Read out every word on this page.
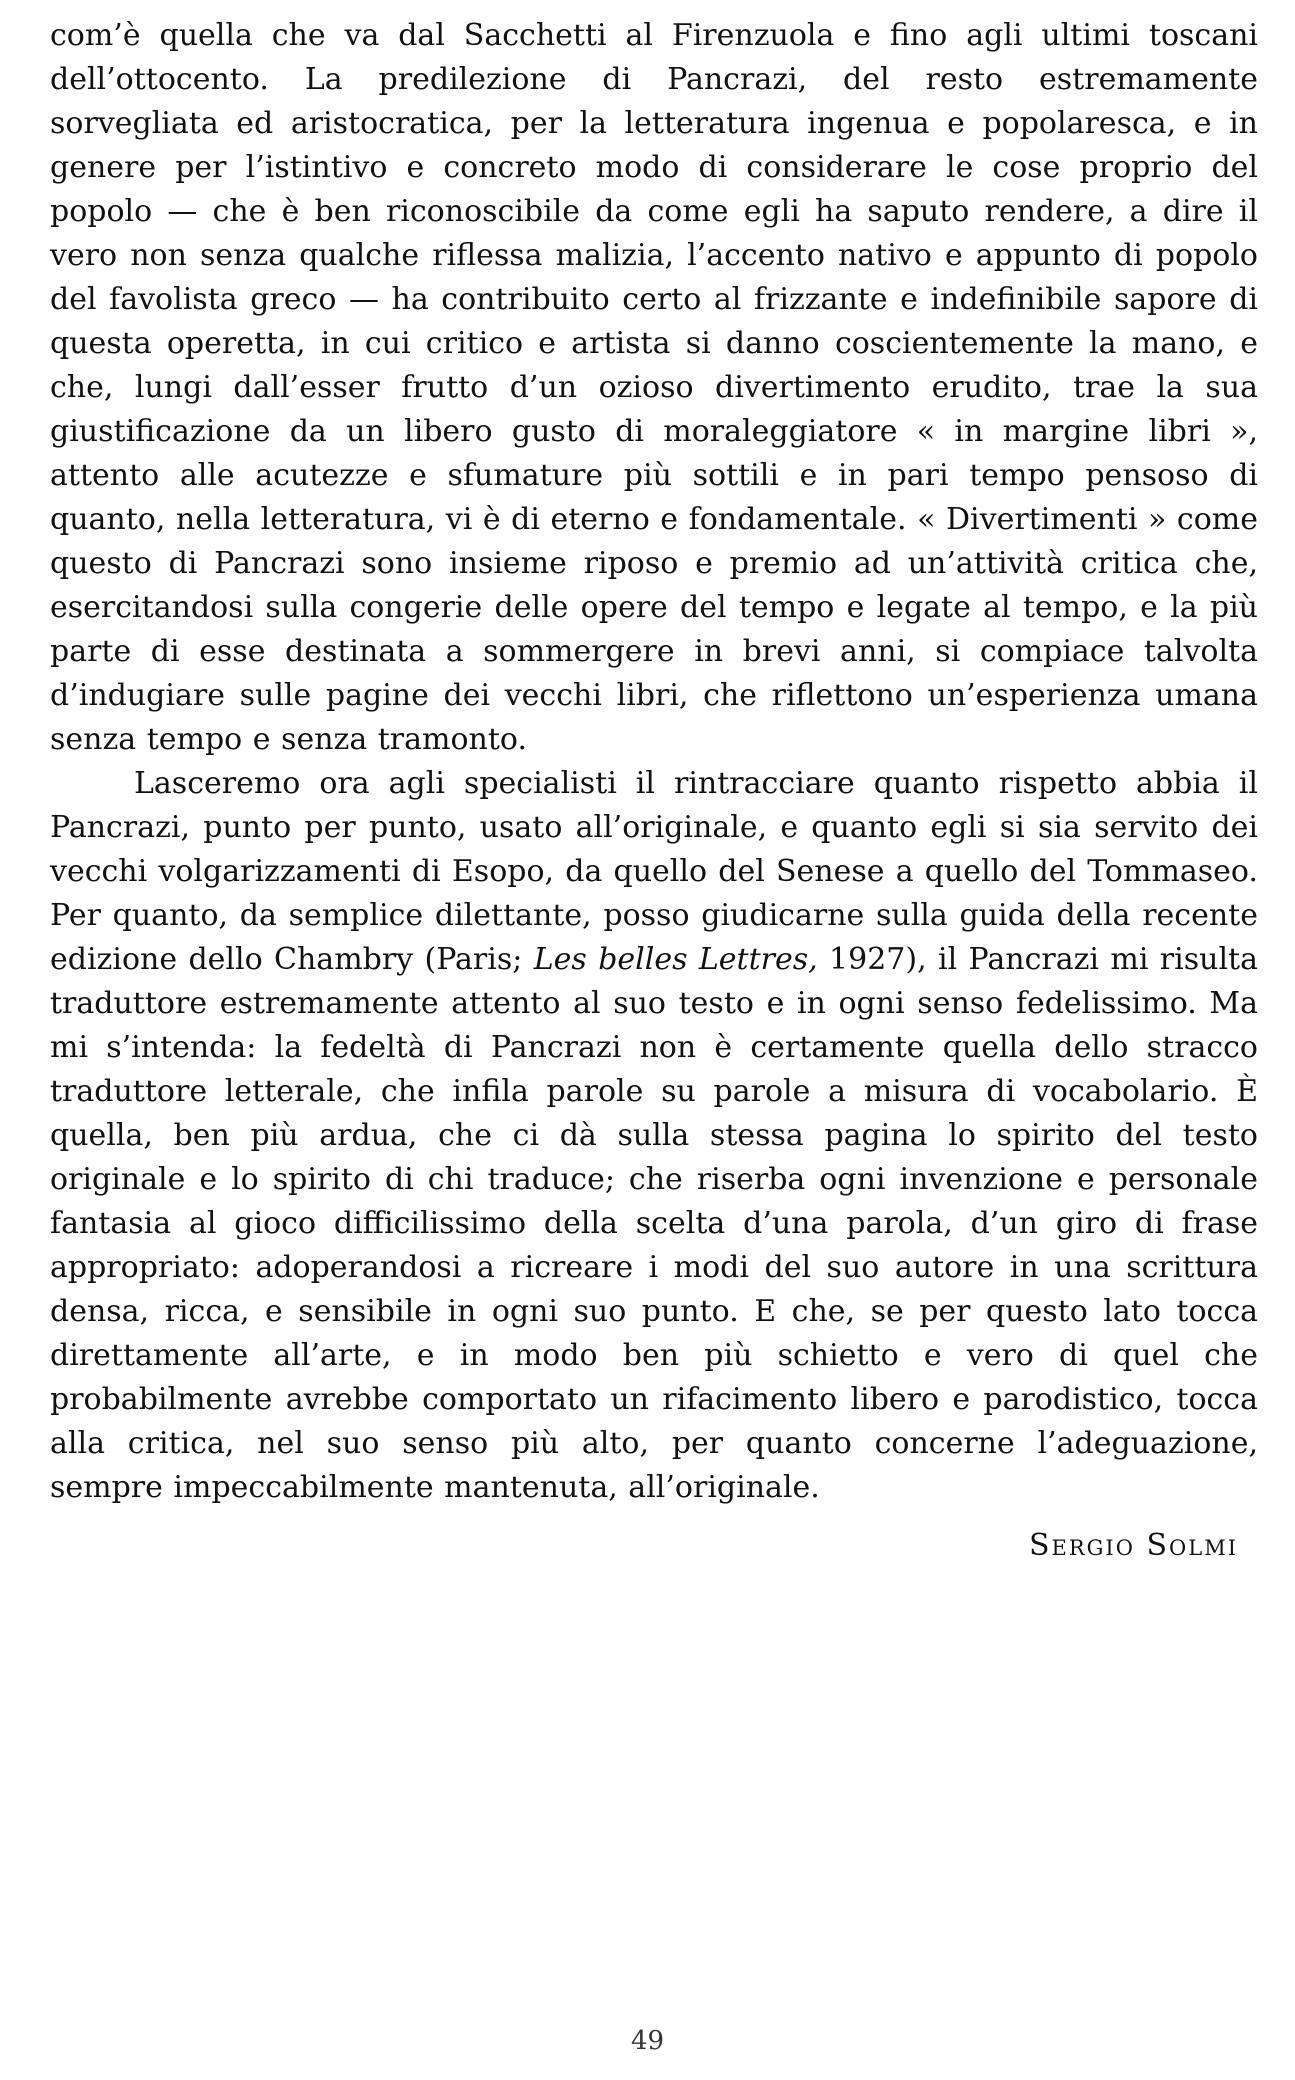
com’è quella che va dal Sacchetti al Firenzuola e fino agli ultimi toscani dell’ottocento. La predilezione di Pancrazi, del resto estremamente sorvegliata ed aristocratica, per la letteratura ingenua e popolaresca, e in genere per l’istintivo e concreto modo di considerare le cose proprio del popolo — che è ben riconoscibile da come egli ha saputo rendere, a dire il vero non senza qualche riflessa malizia, l’accento nativo e appunto di popolo del favolista greco — ha contribuito certo al frizzante e indefinibile sapore di questa operetta, in cui critico e artista si danno coscientemente la mano, e che, lungi dall’esser frutto d’un ozioso divertimento erudito, trae la sua giustificazione da un libero gusto di moraleggiatore « in margine libri », attento alle acutezze e sfumature più sottili e in pari tempo pensoso di quanto, nella letteratura, vi è di eterno e fondamentale. « Divertimenti » come questo di Pancrazi sono insieme riposo e premio ad un’attività critica che, esercitandosi sulla congerie delle opere del tempo e legate al tempo, e la più parte di esse destinata a sommergere in brevi anni, si compiace talvolta d’indugiare sulle pagine dei vecchi libri, che riflettono un’esperienza umana senza tempo e senza tramonto.

Lasceremo ora agli specialisti il rintracciare quanto rispetto abbia il Pancrazi, punto per punto, usato all’originale, e quanto egli si sia servito dei vecchi volgarizzamenti di Esopo, da quello del Senese a quello del Tommaseo. Per quanto, da semplice dilettante, posso giudicarne sulla guida della recente edizione dello Chambry (Paris; Les belles Lettres, 1927), il Pancrazi mi risulta traduttore estremamente attento al suo testo e in ogni senso fedelissimo. Ma mi s’intenda: la fedeltà di Pancrazi non è certamente quella dello stracco traduttore letterale, che infila parole su parole a misura di vocabolario. È quella, ben più ardua, che ci dà sulla stessa pagina lo spirito del testo originale e lo spirito di chi traduce; che riserba ogni invenzione e personale fantasia al gioco difficilissimo della scelta d’una parola, d’un giro di frase appropriato: adoperandosi a ricreare i modi del suo autore in una scrittura densa, ricca, e sensibile in ogni suo punto. E che, se per questo lato tocca direttamente all’arte, e in modo ben più schietto e vero di quel che probabilmente avrebbe comportato un rifacimento libero e parodistico, tocca alla critica, nel suo senso più alto, per quanto concerne l’adeguazione, sempre impeccabilmente mantenuta, all’originale.

Sergio Solmi
49
